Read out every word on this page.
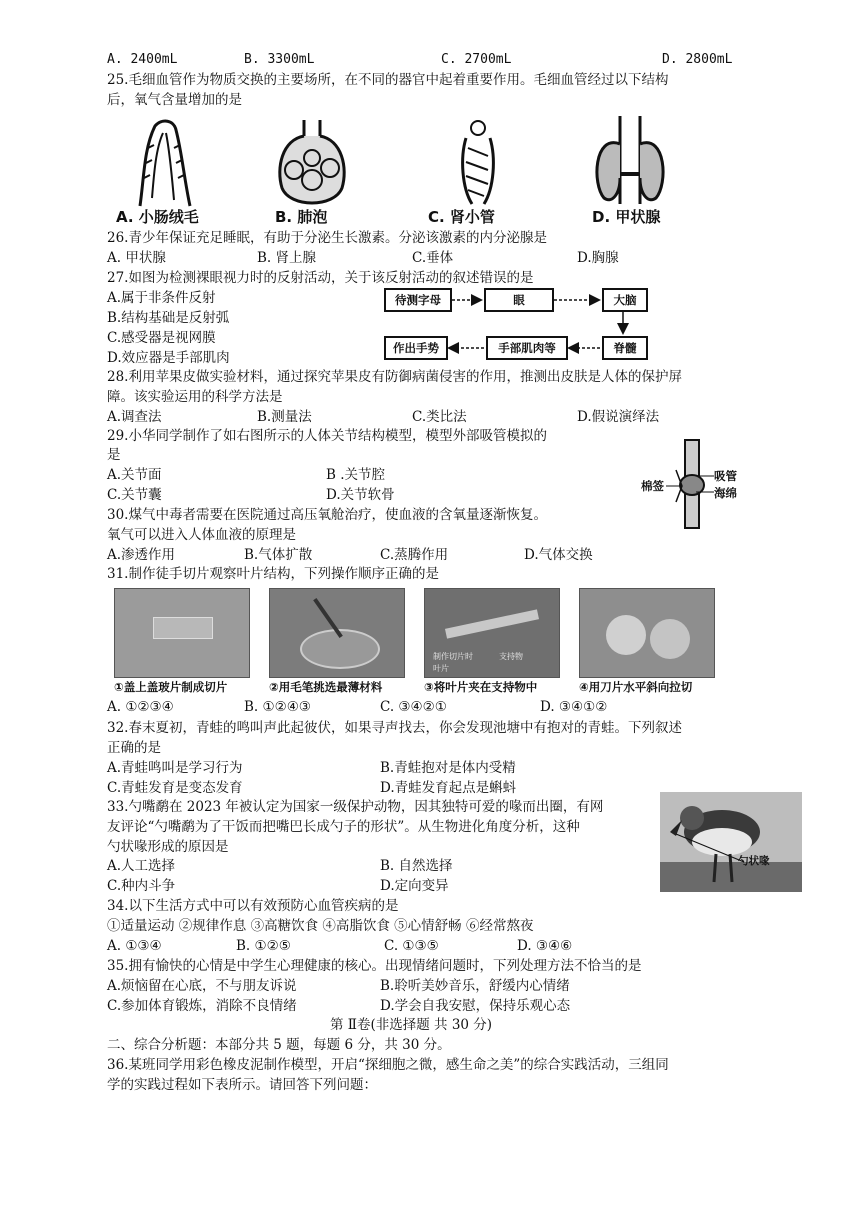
A. 2400mL	B. 3300mL	C. 2700mL	D. 2800mL
25.毛细血管作为物质交换的主要场所，在不同的器官中起着重要作用。毛细血管经过以下结构
后，氧气含量增加的是
A. 小肠绒毛	B. 肺泡	C. 肾小管	D. 甲状腺
26.青少年保证充足睡眠，有助于分泌生长激素。分泌该激素的内分泌腺是
A. 甲状腺	B. 肾上腺	C.垂体	D.胸腺
27.如图为检测裸眼视力时的反射活动，关于该反射活动的叙述错误的是
A.属于非条件反射
B.结构基础是反射弧
C.感受器是视网膜
D.效应器是手部肌肉
待测字母	眼	大脑
脊髓
手部肌肉等
作出手势
28.利用苹果皮做实验材料，通过探究苹果皮有防御病菌侵害的作用，推测出皮肤是人体的保护屏
障。该实验运用的科学方法是
A.调查法	B.测量法	C.类比法	D.假说演绎法
29.小华同学制作了如右图所示的人体关节结构模型，模型外部吸管模拟的
是
A.关节面	B .关节腔
C.关节囊	D.关节软骨
棉签
吸管
海绵
30.煤气中毒者需要在医院通过高压氧舱治疗，使血液的含氧量逐渐恢复。
氧气可以进入人体血液的原理是
A.渗透作用	B.气体扩散	C.蒸腾作用	D.气体交换
31.制作徒手切片观察叶片结构，下列操作顺序正确的是
制作切片时	支持物
叶片
①盖上盖玻片制成切片	②用毛笔挑选最薄材料	③将叶片夹在支持物中	④用刀片水平斜向拉切
A. ①②③④	B. ①②④③	C. ③④②①	D. ③④①②
32.春末夏初，青蛙的鸣叫声此起彼伏，如果寻声找去，你会发现池塘中有抱对的青蛙。下列叙述
正确的是
A.青蛙鸣叫是学习行为	B.青蛙抱对是体内受精
C.青蛙发育是变态发育	D.青蛙发育起点是蝌蚪
33.勺嘴鹬在 2023 年被认定为国家一级保护动物，因其独特可爱的喙而出圈，有网
友评论“勺嘴鹬为了干饭而把嘴巴长成勺子的形状”。从生物进化角度分析，这种
勺状喙形成的原因是
A.人工选择	B. 自然选择
C.种内斗争	D.定向变异
勺状喙
34.以下生活方式中可以有效预防心血管疾病的是
①适量运动 ②规律作息 ③高糖饮食 ④高脂饮食 ⑤心情舒畅 ⑥经常熬夜
A. ①③④	B. ①②⑤	C. ①③⑤	D. ③④⑥
35.拥有愉快的心情是中学生心理健康的核心。出现情绪问题时，下列处理方法不恰当的是
A.烦恼留在心底，不与朋友诉说	B.聆听美妙音乐，舒缓内心情绪
C.参加体育锻炼，消除不良情绪	D.学会自我安慰，保持乐观心态
第 Ⅱ卷(非选择题 共 30 分)
二、综合分析题：本部分共 5 题，每题 6 分，共 30 分。
36.某班同学用彩色橡皮泥制作模型，开启“探细胞之微，感生命之美”的综合实践活动，三组同
学的实践过程如下表所示。请回答下列问题：
